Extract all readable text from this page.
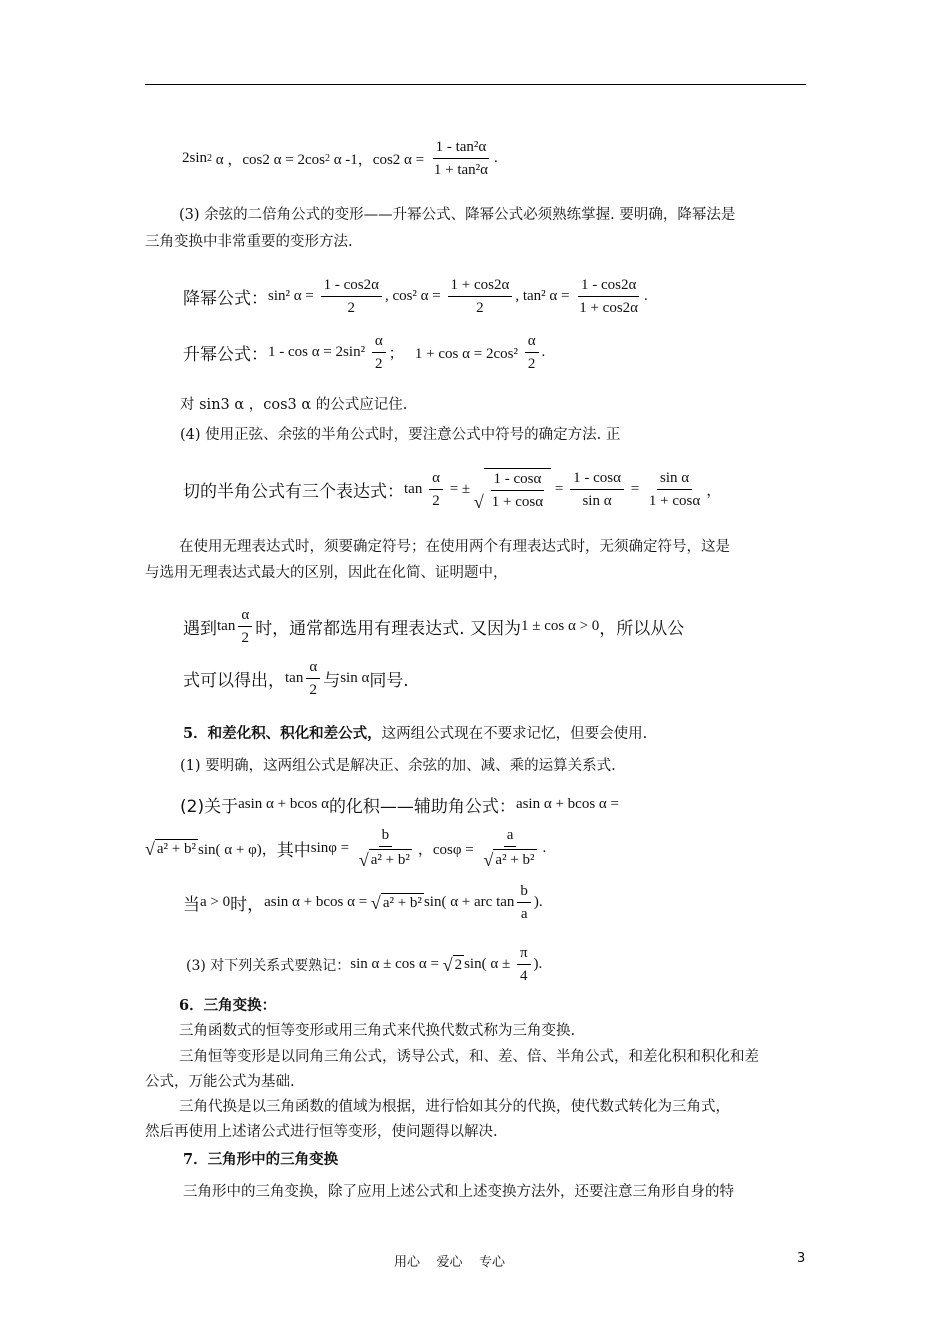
2sin 2 α ，cos2 α = 2cos 2 α -1，cos2 $\alpha = \frac{\text{1 - tan²α}}{\text{1 + tan²α}}$ .
(3) 余弦的二倍角公式的变形——升幂公式、降幂公式必须熟练掌握. 要明确，降幂法是
三角变换中非常重要的变形方法.
降幂公式： sin² $\alpha = \frac{1 - \cos 2\alpha}{2}$ , cos² $\alpha = \frac{1 + \cos 2\alpha}{2}$ , tan² $\alpha = \frac{1 - \cos 2\alpha}{1 + \cos 2\alpha}$ .
升幂公式： $1 - \cos \alpha = 2\sin^2 \frac{\alpha}{2}$ ；   $1 + \cos \alpha = 2\cos^2 \frac{\alpha}{2}$ .
对 sin3 α ，cos3 α 的公式应记住.
(4) 使用正弦、余弦的半角公式时，要注意公式中符号的确定方法. 正
切的半角公式有三个表达式： $\tan \frac{\alpha}{2}$ = ±
√ $\frac{1 - \cos\alpha}{1 + \cos\alpha} = \frac{1 - \cos\alpha}{\text{sin α}} = \frac{\text{sin α}}{1 + \cos\alpha}$ ，
在使用无理表达式时，须要确定符号；在使用两个有理表达式时，无须确定符号，这是
与选用无理表达式最大的区别，因此在化简、证明题中，
遇到 $\tan \frac{\alpha}{2}$ 时，通常都选用有理表达式. 又因为 1 ± cos α > 0 ，所以从公
式可以得出， $\tan \frac{\alpha}{2}$ 与 sin α 同号.
5．和差化积、积化和差公式，这两组公式现在不要求记忆，但要会使用.
(1) 要明确，这两组公式是解决正、余弦的加、减、乘的运算关系式.
(2)关于 asin α + bcos α 的化积——辅助角公式： asin α + bcos α =
√ a² + b² sin( α + φ)， 其中 $\sin\varphi = \frac{b}{\text{√ a² + b²}}$ ，$\cos\varphi = \frac{a}{\text{√ a² + b²}}$ .
当 a > 0 时， asin α + bcos α = √ a² + b² sin( α + arc $\tan \frac{b}{a}$ ).
(3) 对下列关系式要熟记： sin α ± cos α = √ 2 sin( $\alpha \pm \frac{\pi}{4}$ ).
6．三角变换：
三角函数式的恒等变形或用三角式来代换代数式称为三角变换.
三角恒等变形是以同角三角公式，诱导公式，和、差、倍、半角公式，和差化积和积化和差
公式，万能公式为基础.
三角代换是以三角函数的值域为根据，进行恰如其分的代换，使代数式转化为三角式，
然后再使用上述诸公式进行恒等变形，使问题得以解决.
7．三角形中的三角变换
三角形中的三角变换，除了应用上述公式和上述变换方法外，还要注意三角形自身的特
用心    爱心    专心	3
